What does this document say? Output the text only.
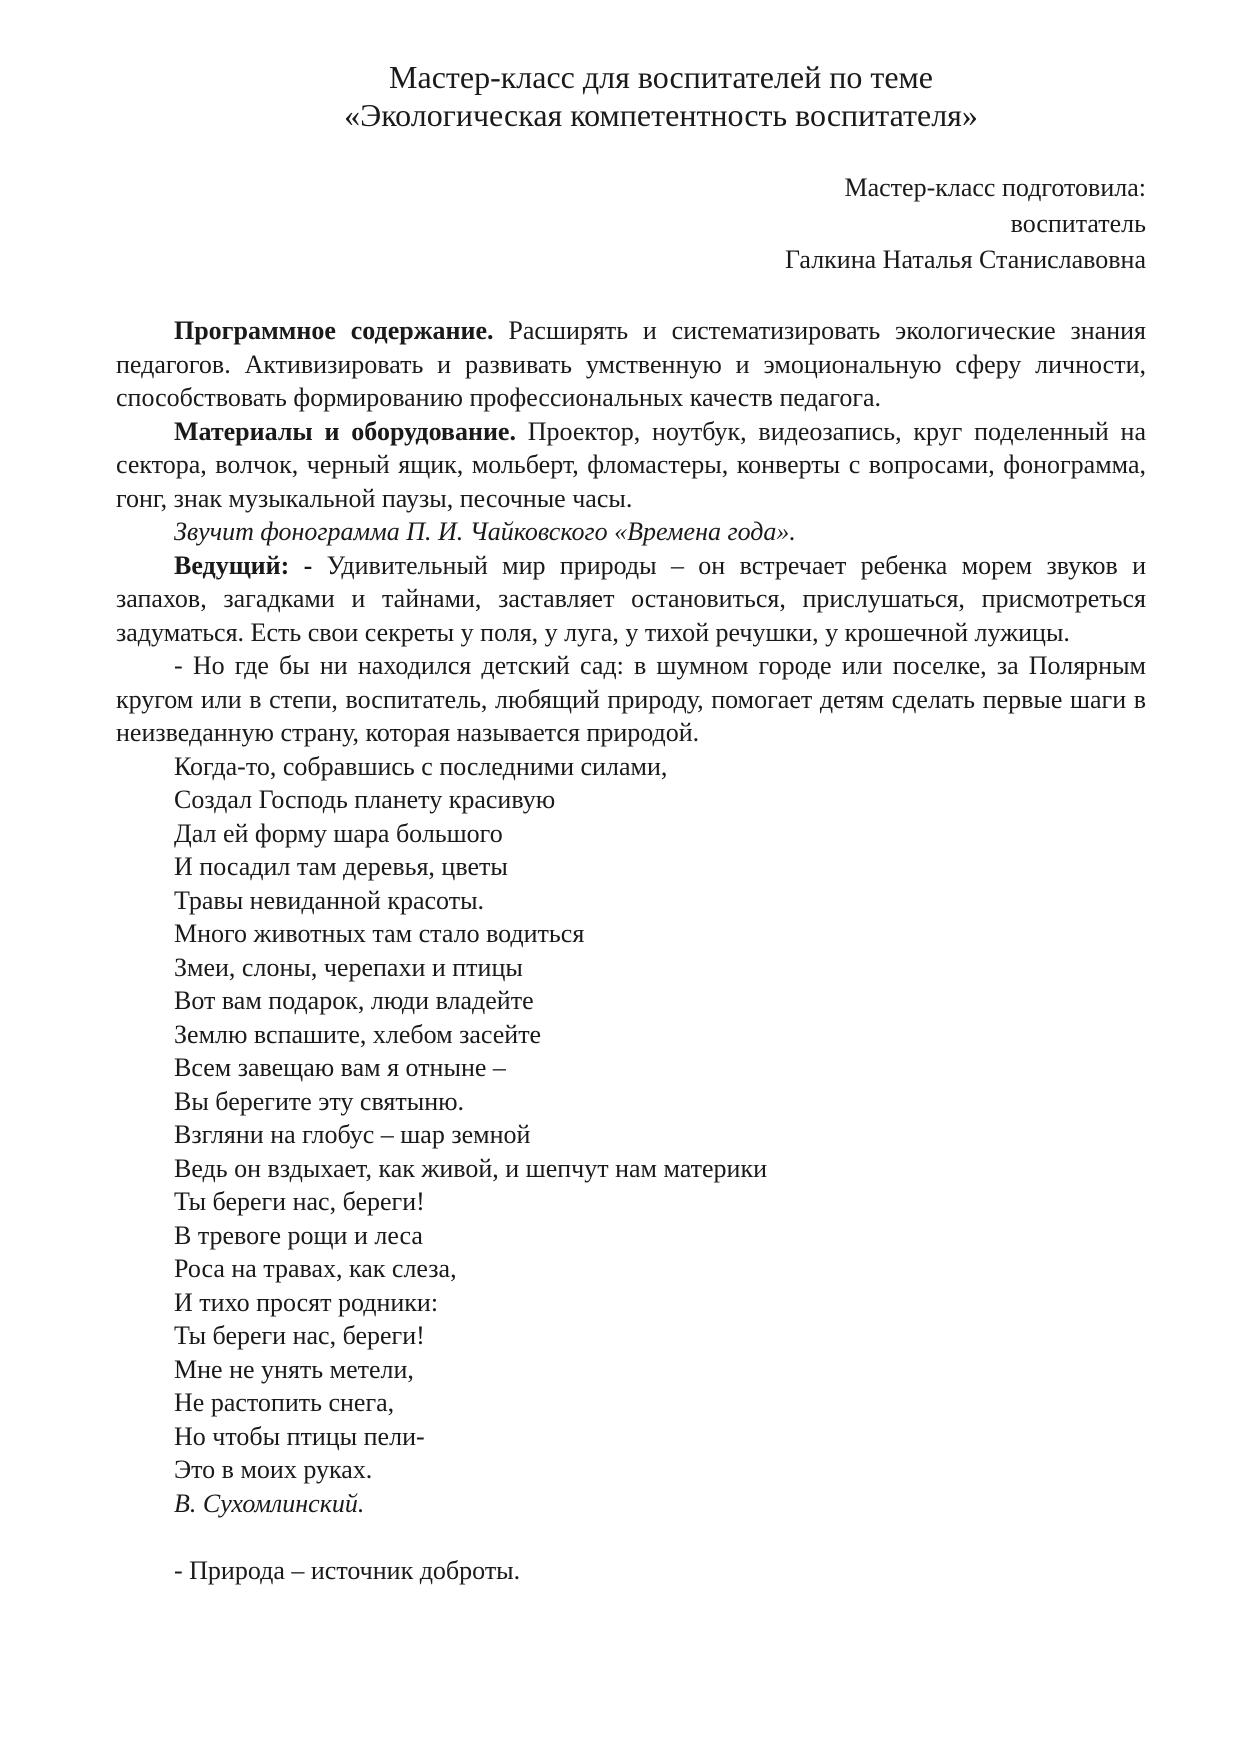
Мастер-класс для воспитателей по теме
«Экологическая компетентность воспитателя»
Мастер-класс подготовила:
воспитатель
Галкина Наталья Станиславовна

Программное содержание. Расширять и систематизировать экологические знания педагогов. Активизировать и развивать умственную и эмоциональную сферу личности, способствовать формированию профессиональных качеств педагога.

Материалы и оборудование. Проектор, ноутбук, видеозапись, круг поделенный на сектора, волчок, черный ящик, мольберт, фломастеры, конверты с вопросами, фонограмма, гонг, знак музыкальной паузы, песочные часы.

Звучит фонограмма П. И. Чайковского «Времена года».

Ведущий: - Удивительный мир природы – он встречает ребенка морем звуков и запахов, загадками и тайнами, заставляет остановиться, прислушаться, присмотреться задуматься. Есть свои секреты у поля, у луга, у тихой речушки, у крошечной лужицы.

- Но где бы ни находился детский сад: в шумном городе или поселке, за Полярным кругом или в степи, воспитатель, любящий природу, помогает детям сделать первые шаги в неизведанную страну, которая называется природой.

Когда-то, собравшись с последними силами,
Создал Господь планету красивую
Дал ей форму шара большого
И посадил там деревья, цветы
Травы невиданной красоты.
Много животных там стало водиться
Змеи, слоны, черепахи и птицы
Вот вам подарок, люди владейте
Землю вспашите, хлебом засейте
Всем завещаю вам я отныне –
Вы берегите эту святыню.
Взгляни на глобус – шар земной
Ведь он вздыхает, как живой, и шепчут нам материки
Ты береги нас, береги!
В тревоге рощи и леса
Роса на травах, как слеза,
И тихо просят родники:
Ты береги нас, береги!
Мне не унять метели,
Не растопить снега,
Но чтобы птицы пели-
Это в моих руках.
В. Сухомлинский.

- Природа – источник доброты.
